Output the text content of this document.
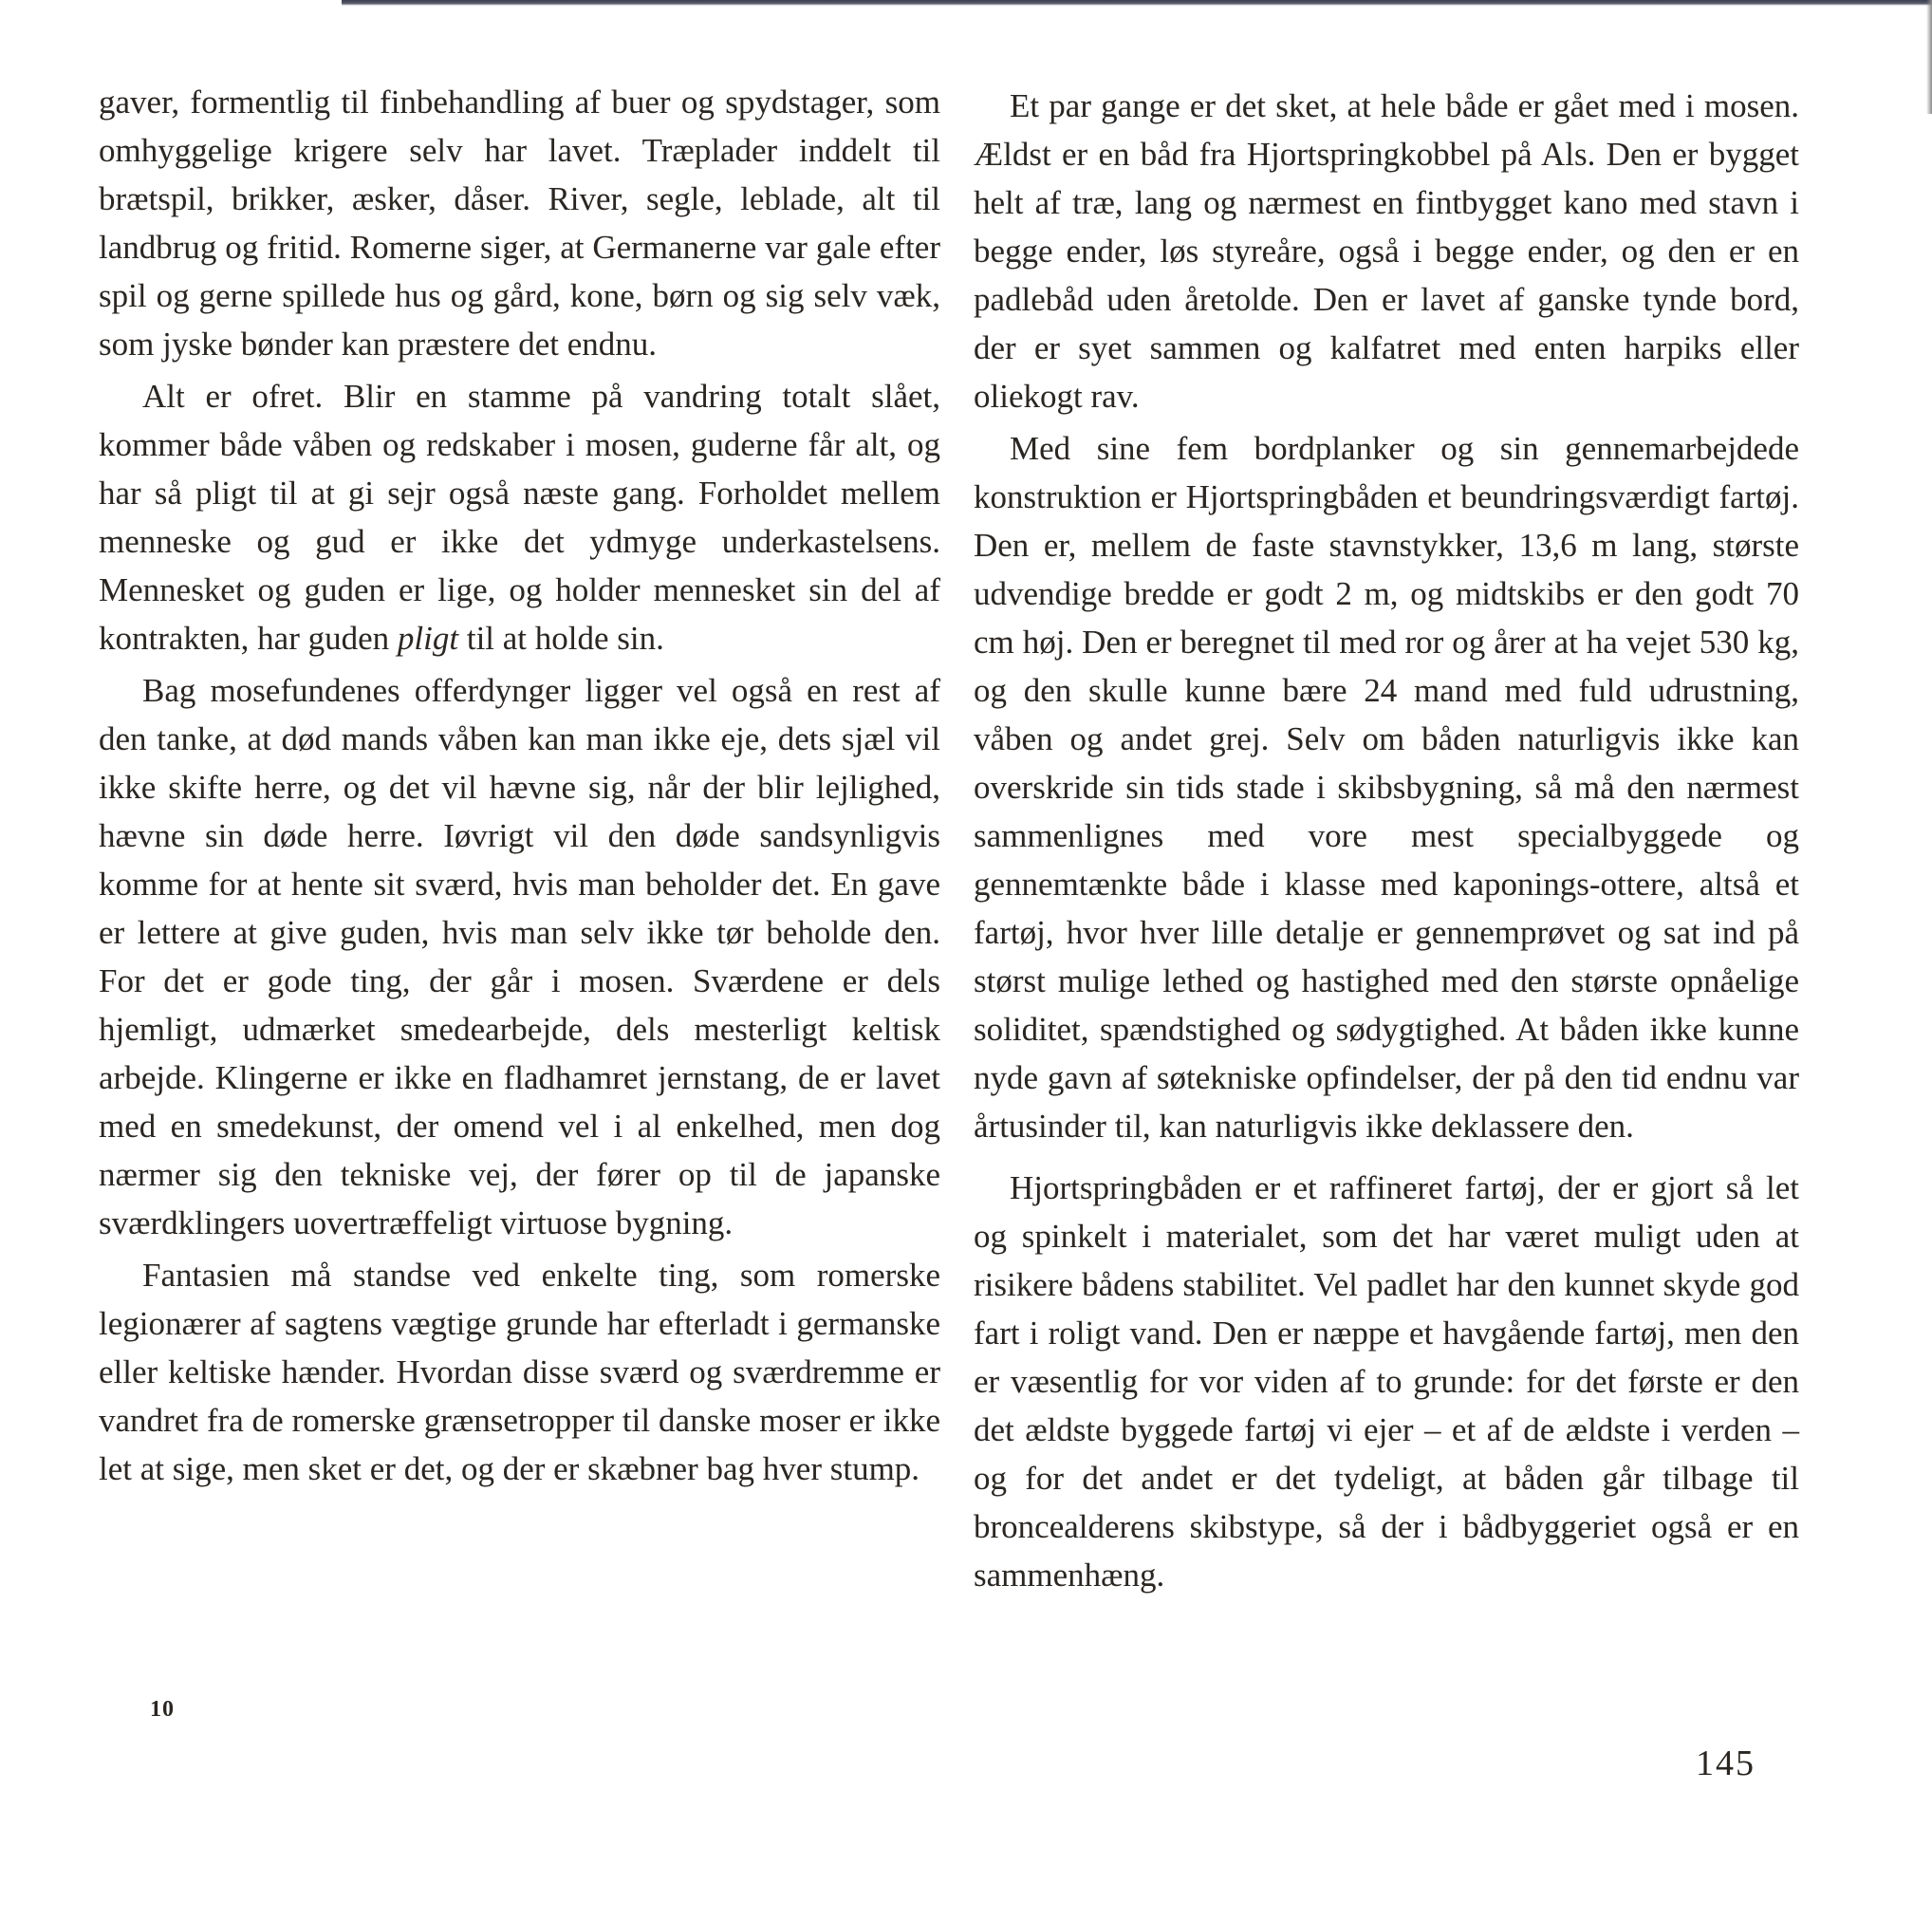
gaver, formentlig til finbehandling af buer og spydstager, som omhyggelige krigere selv har lavet. Træplader inddelt til brætspil, brikker, æsker, dåser. River, segle, leblade, alt til landbrug og fritid. Romerne siger, at Germanerne var gale efter spil og gerne spillede hus og gård, kone, børn og sig selv væk, som jyske bønder kan præstere det endnu.

Alt er ofret. Blir en stamme på vandring totalt slået, kommer både våben og redskaber i mosen, guderne får alt, og har så pligt til at gi sejr også næste gang. Forholdet mellem menneske og gud er ikke det ydmyge underkastelsens. Mennesket og guden er lige, og holder mennesket sin del af kontrakten, har guden pligt til at holde sin.

Bag mosefundenes offerdynger ligger vel også en rest af den tanke, at død mands våben kan man ikke eje, dets sjæl vil ikke skifte herre, og det vil hævne sig, når der blir lejlighed, hævne sin døde herre. Iøvrigt vil den døde sandsynligvis komme for at hente sit sværd, hvis man beholder det. En gave er lettere at give guden, hvis man selv ikke tør beholde den. For det er gode ting, der går i mosen. Sværdene er dels hjemligt, udmærket smedearbejde, dels mesterligt keltisk arbejde. Klingerne er ikke en fladhamret jernstang, de er lavet med en smedekunst, der omend vel i al enkelhed, men dog nærmer sig den tekniske vej, der fører op til de japanske sværdklingers uovertræffeligt virtuose bygning.

Fantasien må standse ved enkelte ting, som romerske legionærer af sagtens vægtige grunde har efterladt i germanske eller keltiske hænder. Hvordan disse sværd og sværdremme er vandret fra de romerske grænsetropper til danske moser er ikke let at sige, men sket er det, og der er skæbner bag hver stump.

10

Et par gange er det sket, at hele både er gået med i mosen. Ældst er en båd fra Hjortspringkobbel på Als. Den er bygget helt af træ, lang og nærmest en fintbygget kano med stavn i begge ender, løs styreåre, også i begge ender, og den er en padlebåd uden åretolde. Den er lavet af ganske tynde bord, der er syet sammen og kalfatret med enten harpiks eller oliekogt rav.

Med sine fem bordplanker og sin gennemarbejdede konstruktion er Hjortspringbåden et beundringsværdigt fartøj. Den er, mellem de faste stavnstykker, 13,6 m lang, største udvendige bredde er godt 2 m, og midtskibs er den godt 70 cm høj. Den er beregnet til med ror og årer at ha vejet 530 kg, og den skulle kunne bære 24 mand med fuld udrustning, våben og andet grej. Selv om båden naturligvis ikke kan overskride sin tids stade i skibsbygning, så må den nærmest sammenlignes med vore mest specialbyggede og gennemtænkte både i klasse med kaponings-ottere, altså et fartøj, hvor hver lille detalje er gennemprøvet og sat ind på størst mulige lethed og hastighed med den største opnåelige soliditet, spændstighed og sødygtighed. At båden ikke kunne nyde gavn af søtekniske opfindelser, der på den tid endnu var årtusinder til, kan naturligvis ikke deklassere den.

Hjortspringbåden er et raffineret fartøj, der er gjort så let og spinkelt i materialet, som det har været muligt uden at risikere bådens stabilitet. Vel padlet har den kunnet skyde god fart i roligt vand. Den er næppe et havgående fartøj, men den er væsentlig for vor viden af to grunde: for det første er den det ældste byggede fartøj vi ejer – et af de ældste i verden – og for det andet er det tydeligt, at båden går tilbage til broncealderens skibstype, så der i bådbyggeriet også er en sammenhæng.

145
